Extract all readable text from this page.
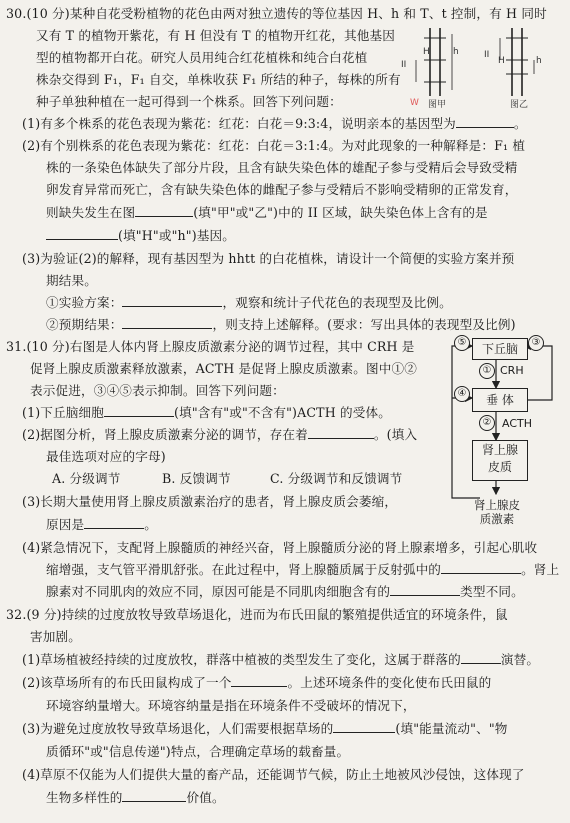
30.(10 分)某种自花受粉植物的花色由两对独立遗传的等位基因 H、h 和 T、t 控制，有 H 同时
又有 T 的植物开紫花，有 H 但没有 T 的植物开红花，其他基因
型的植物都开白花。研究人员用纯合红花植株和纯合白花植
株杂交得到 F₁，F₁ 自交，单株收获 F₁ 所结的种子，每株的所有
种子单独种植在一起可得到一个株系。回答下列问题：
II
H	h	II
H	h
W 图甲	图乙
(1)有多个株系的花色表现为紫花：红花：白花＝9:3:4，说明亲本的基因型为	。
(2)有个别株系的花色表现为紫花：红花：白花＝3:1:4。为对此现象的一种解释是：F₁ 植
株的一条染色体缺失了部分片段，且含有缺失染色体的雄配子参与受精后会导致受精
卵发育异常而死亡，含有缺失染色体的雌配子参与受精后不影响受精卵的正常发育，
则缺失发生在图	(填"甲"或"乙")中的 II 区域，缺失染色体上含有的是
(填"H"或"h")基因。
(3)为验证(2)的解释，现有基因型为 hhtt 的白花植株，请设计一个简便的实验方案并预
期结果。
①实验方案：	，观察和统计子代花色的表现型及比例。
②预期结果：	，则支持上述解释。(要求：写出具体的表现型及比例)
31.(10 分)右图是人体内肾上腺皮质激素分泌的调节过程，其中 CRH 是
促肾上腺皮质激素释放激素，ACTH 是促肾上腺皮质激素。图中①②
表示促进，③④⑤表示抑制。回答下列问题：
(1)下丘脑细胞	(填"含有"或"不含有")ACTH 的受体。
(2)据图分析，肾上腺皮质激素分泌的调节，存在着	。(填入
最佳选项对应的字母)
A. 分级调节	B. 反馈调节	C. 分级调节和反馈调节
(3)长期大量使用肾上腺皮质激素治疗的患者，肾上腺皮质会萎缩，
原因是	。
(4)紧急情况下，支配肾上腺髓质的神经兴奋，肾上腺髓质分泌的肾上腺素增多，引起心肌收
缩增强，支气管平滑肌舒张。在此过程中，肾上腺髓质属于反射弧中的	。肾上
腺素对不同肌肉的效应不同，原因可能是不同肌肉细胞含有的	类型不同。
下丘脑
垂 体
肾上腺
皮质
CRH
ACTH
肾上腺皮
质激素
①
②
③
④
⑤
32.(9 分)持续的过度放牧导致草场退化，进而为布氏田鼠的繁殖提供适宜的环境条件，鼠
害加剧。
(1)草场植被经持续的过度放牧，群落中植被的类型发生了变化，这属于群落的	演替。
(2)该草场所有的布氏田鼠构成了一个	。上述环境条件的变化使布氏田鼠的
环境容纳量增大。环境容纳量是指在环境条件不受破坏的情况下，
(3)为避免过度放牧导致草场退化，人们需要根据草场的	(填"能量流动"、"物
质循环"或"信息传递")特点，合理确定草场的载畜量。
(4)草原不仅能为人们提供大量的畜产品，还能调节气候，防止土地被风沙侵蚀，这体现了
生物多样性的	价值。
